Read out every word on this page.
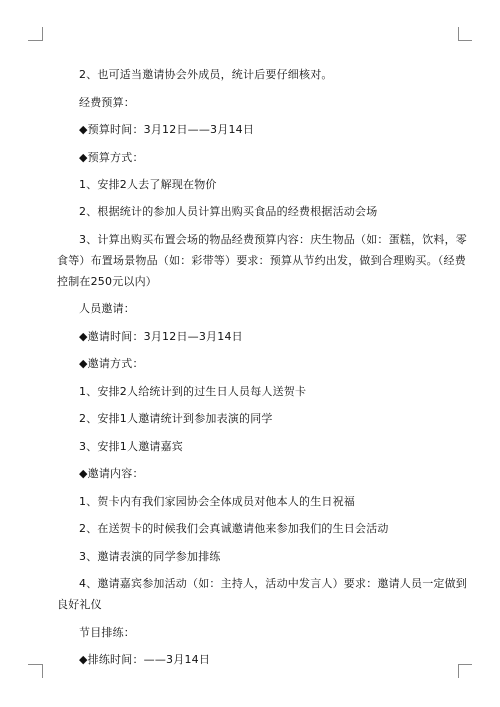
2、也可适当邀请协会外成员，统计后要仔细核对。
经费预算：
◆预算时间：3月12日——3月14日
◆预算方式：
1、安排2人去了解现在物价
2、根据统计的参加人员计算出购买食品的经费根据活动会场
3、计算出购买布置会场的物品经费预算内容：庆生物品（如：蛋糕，饮料，零
食等）布置场景物品（如：彩带等）要求：预算从节约出发，做到合理购买。（经费
控制在250元以内）
人员邀请：
◆邀请时间：3月12日—3月14日
◆邀请方式：
1、安排2人给统计到的过生日人员每人送贺卡
2、安排1人邀请统计到参加表演的同学
3、安排1人邀请嘉宾
◆邀请内容：
1、贺卡内有我们家园协会全体成员对他本人的生日祝福
2、在送贺卡的时候我们会真诚邀请他来参加我们的生日会活动
3、邀请表演的同学参加排练
4、邀请嘉宾参加活动（如：主持人，活动中发言人）要求：邀请人员一定做到
良好礼仪
节目排练：
◆排练时间：——3月14日
